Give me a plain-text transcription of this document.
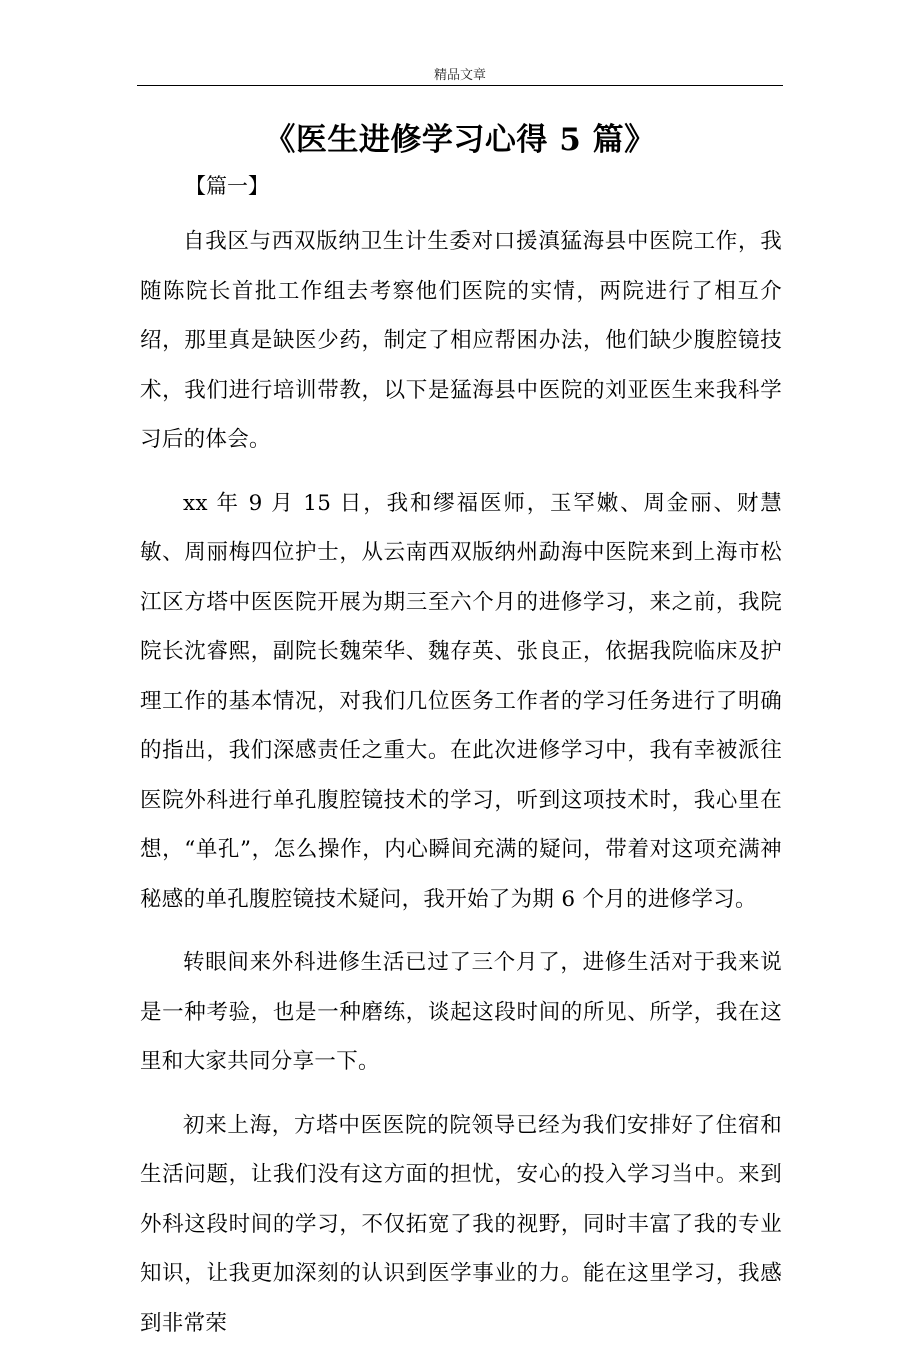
精品文章
《医生进修学习心得 5 篇》
【篇一】

自我区与西双版纳卫生计生委对口援滇猛海县中医院工作，我随陈院长首批工作组去考察他们医院的实情，两院进行了相互介绍，那里真是缺医少药，制定了相应帮困办法，他们缺少腹腔镜技术，我们进行培训带教，以下是猛海县中医院的刘亚医生来我科学习后的体会。

xx 年 9 月 15 日，我和缪福医师，玉罕嫩、周金丽、财慧敏、周丽梅四位护士，从云南西双版纳州勐海中医院来到上海市松江区方塔中医医院开展为期三至六个月的进修学习，来之前，我院院长沈睿熙，副院长魏荣华、魏存英、张良正，依据我院临床及护理工作的基本情况，对我们几位医务工作者的学习任务进行了明确的指出，我们深感责任之重大。在此次进修学习中，我有幸被派往医院外科进行单孔腹腔镜技术的学习，听到这项技术时，我心里在想，“单孔”，怎么操作，内心瞬间充满的疑问，带着对这项充满神秘感的单孔腹腔镜技术疑问，我开始了为期 6 个月的进修学习。

转眼间来外科进修生活已过了三个月了，进修生活对于我来说是一种考验，也是一种磨练，谈起这段时间的所见、所学，我在这里和大家共同分享一下。

初来上海，方塔中医医院的院领导已经为我们安排好了住宿和生活问题，让我们没有这方面的担忧，安心的投入学习当中。来到外科这段时间的学习，不仅拓宽了我的视野，同时丰富了我的专业知识，让我更加深刻的认识到医学事业的力。能在这里学习，我感到非常荣
